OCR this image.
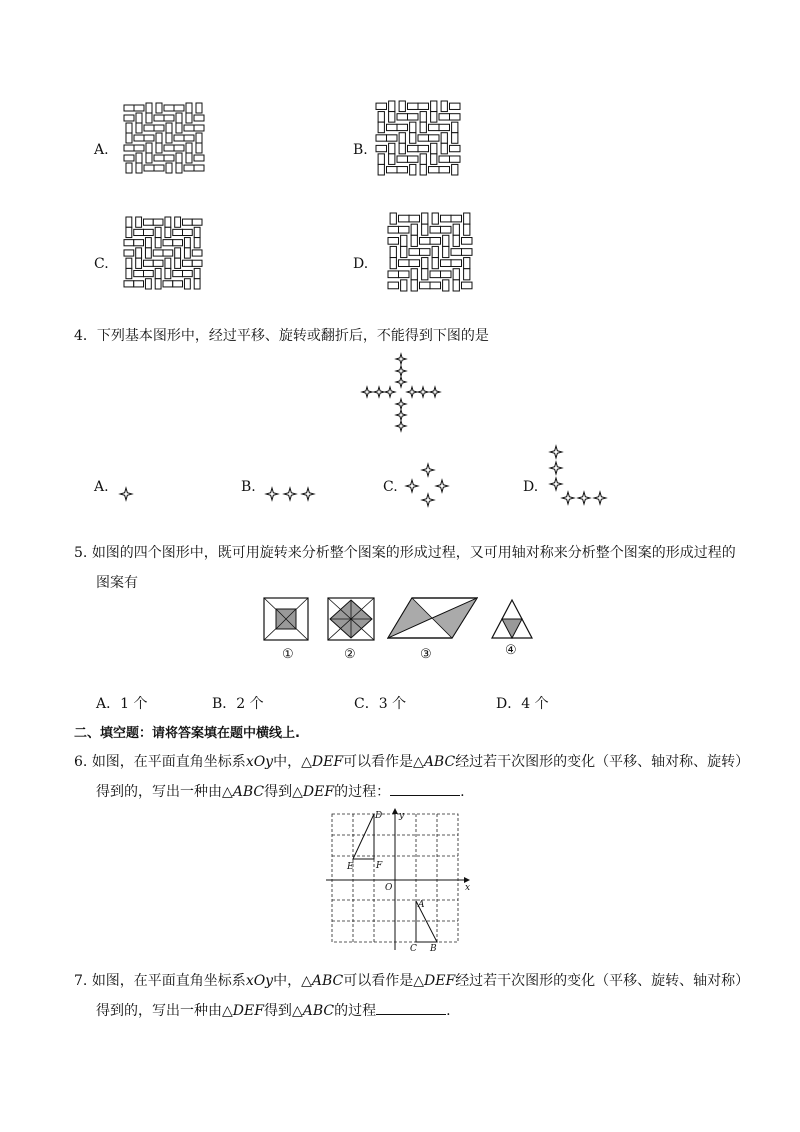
A.	B.
C.	D.
4．下列基本图形中，经过平移、旋转或翻折后，不能得到下图的是
A.	B.	C.	D.
5. 如图的四个图形中，既可用旋转来分析整个图案的形成过程，又可用轴对称来分析整个图案的形成过程的
图案有
①	②	③	④
A．1 个	B．2 个	C．3 个	D．4 个
二、填空题：请将答案填在题中横线上.
6. 如图，在平面直角坐标系xOy中，△DEF可以看作是△ABC经过若干次图形的变化（平移、轴对称、旋转）
得到的，写出一种由△ABC得到△DEF的过程：	.
D y
E F
O	x
A
C B
7. 如图，在平面直角坐标系xOy中，△ABC可以看作是△DEF经过若干次图形的变化（平移、旋转、轴对称）
得到的，写出一种由△DEF得到△ABC的过程	.
